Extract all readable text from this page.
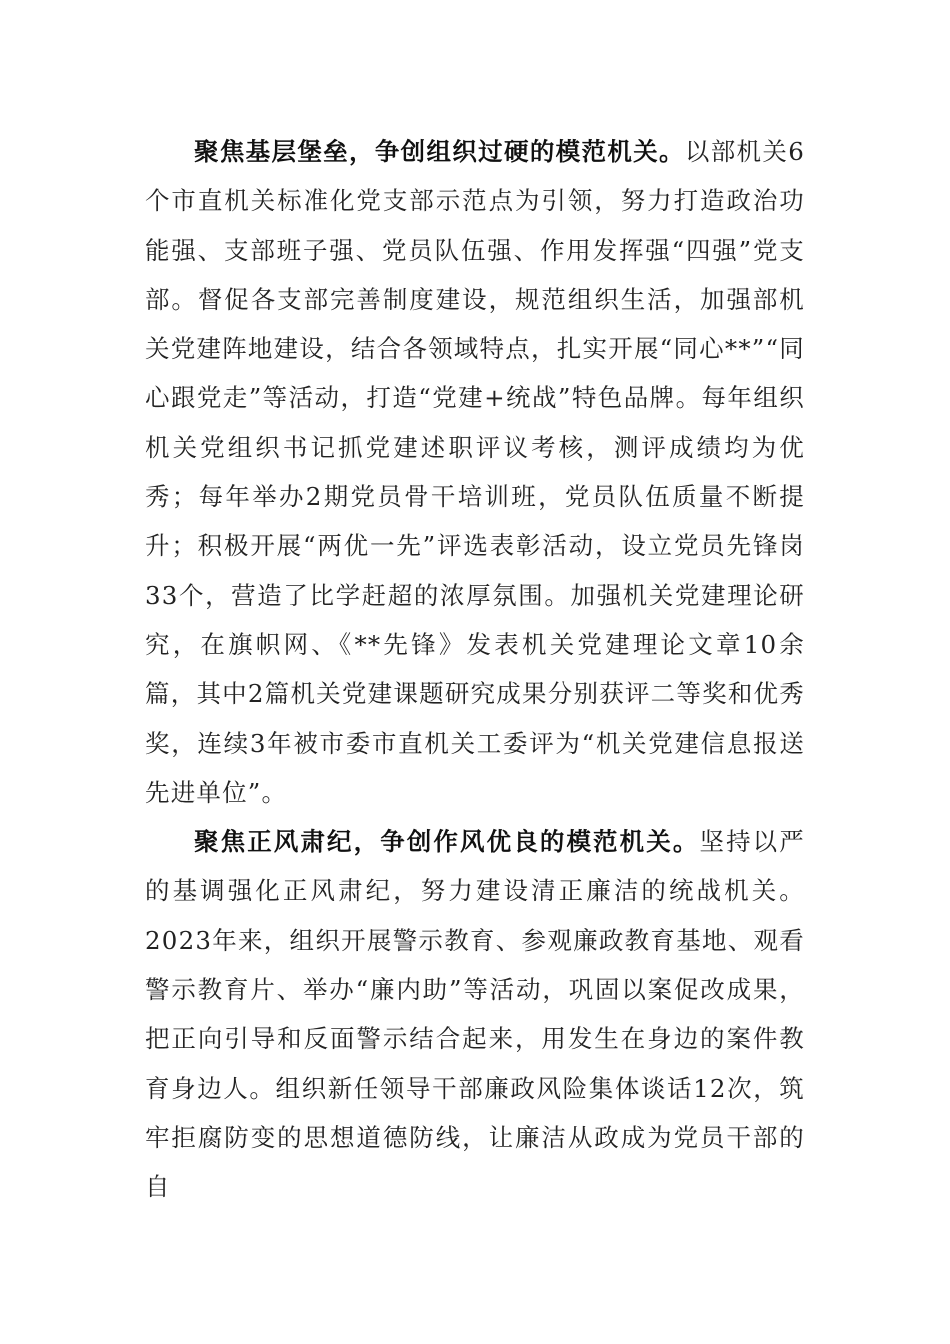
聚焦基层堡垒，争创组织过硬的模范机关。以部机关6个市直机关标准化党支部示范点为引领，努力打造政治功能强、支部班子强、党员队伍强、作用发挥强“四强”党支部。督促各支部完善制度建设，规范组织生活，加强部机关党建阵地建设，结合各领域特点，扎实开展“同心**”“同心跟党走”等活动，打造“党建+统战”特色品牌。每年组织机关党组织书记抓党建述职评议考核，测评成绩均为优秀；每年举办2期党员骨干培训班，党员队伍质量不断提升；积极开展“两优一先”评选表彰活动，设立党员先锋岗33个，营造了比学赶超的浓厚氛围。加强机关党建理论研究，在旗帜网、《**先锋》发表机关党建理论文章10余篇，其中2篇机关党建课题研究成果分别获评二等奖和优秀奖，连续3年被市委市直机关工委评为“机关党建信息报送先进单位”。

聚焦正风肃纪，争创作风优良的模范机关。坚持以严的基调强化正风肃纪，努力建设清正廉洁的统战机关。2023年来，组织开展警示教育、参观廉政教育基地、观看警示教育片、举办“廉内助”等活动，巩固以案促改成果，把正向引导和反面警示结合起来，用发生在身边的案件教育身边人。组织新任领导干部廉政风险集体谈话12次，筑牢拒腐防变的思想道德防线，让廉洁从政成为党员干部的自
